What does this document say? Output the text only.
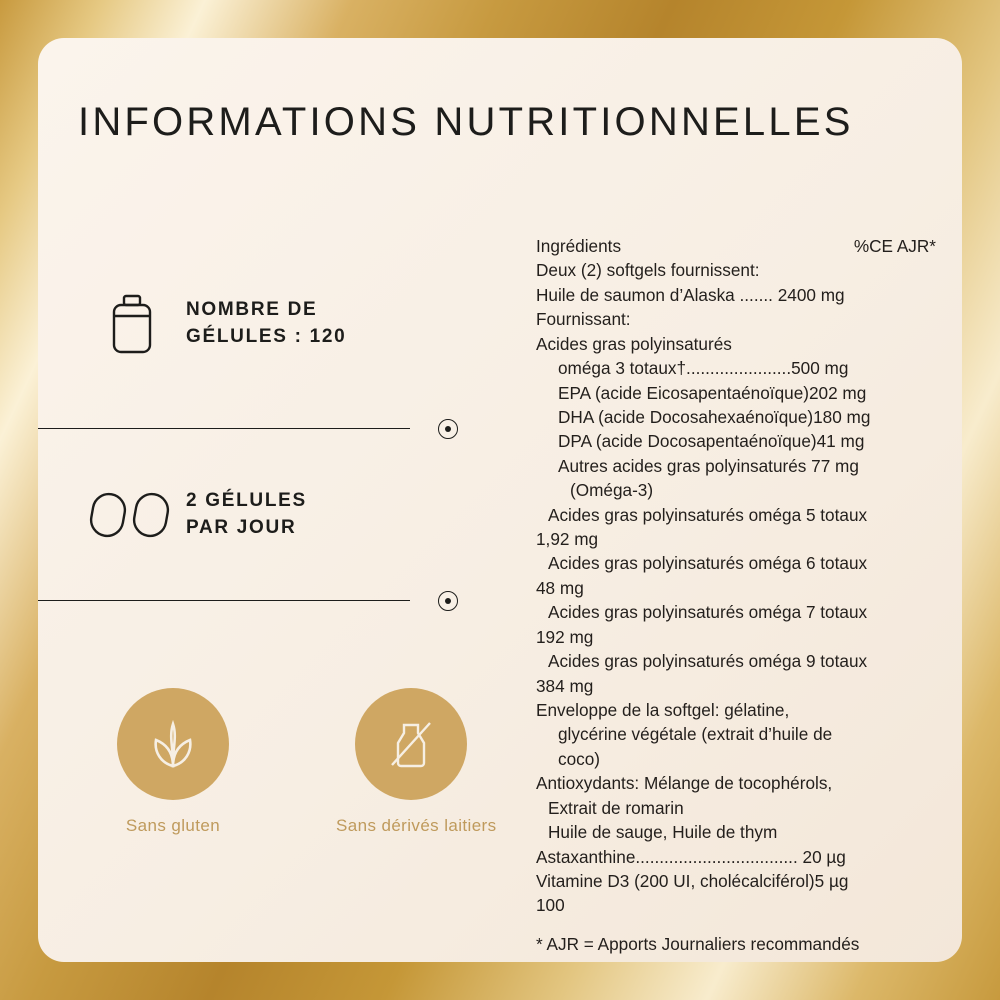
INFORMATIONS NUTRITIONNELLES
NOMBRE DE
GÉLULES : 120
2 GÉLULES
PAR JOUR
Sans gluten	Sans dérivés laitiers
Ingrédients	%CE AJR*

Deux (2) softgels fournissent:

Huile de saumon d’Alaska ....... 2400 mg

Fournissant:

Acides gras polyinsaturés

oméga 3 totaux†......................500 mg

EPA (acide Eicosapentaénoïque)202 mg

DHA (acide Docosahexaénoïque)180 mg

DPA (acide Docosapentaénoïque)41 mg

Autres acides gras polyinsaturés 77 mg

(Oméga-3)

Acides gras polyinsaturés oméga 5 totaux

1,92 mg

Acides gras polyinsaturés oméga 6 totaux

48 mg

Acides gras polyinsaturés oméga 7 totaux

192 mg

Acides gras polyinsaturés oméga 9 totaux

384 mg

Enveloppe de la softgel: gélatine,

glycérine végétale (extrait d’huile de

coco)

Antioxydants: Mélange de tocophérols,

Extrait de romarin

Huile de sauge, Huile de thym

Astaxanthine.................................. 20 µg

Vitamine D3 (200 UI, cholécalciférol)5 µg

100

* AJR = Apports Journaliers recommandés
